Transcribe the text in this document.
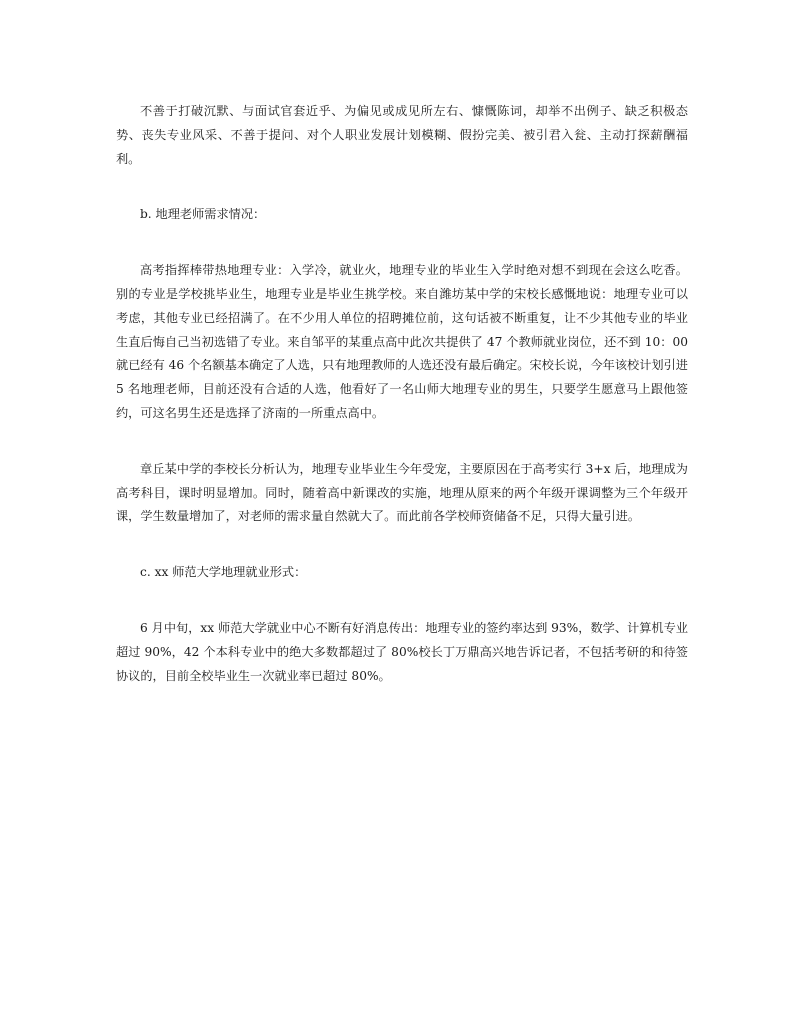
不善于打破沉默、与面试官套近乎、为偏见或成见所左右、慷慨陈词，却举不出例子、缺乏积极态势、丧失专业风采、不善于提问、对个人职业发展计划模糊、假扮完美、被引君入瓮、主动打探薪酬福利。

b. 地理老师需求情况：

高考指挥棒带热地理专业：入学冷，就业火，地理专业的毕业生入学时绝对想不到现在会这么吃香。别的专业是学校挑毕业生，地理专业是毕业生挑学校。来自潍坊某中学的宋校长感慨地说：地理专业可以考虑，其他专业已经招满了。在不少用人单位的招聘摊位前，这句话被不断重复，让不少其他专业的毕业生直后悔自己当初选错了专业。来自邹平的某重点高中此次共提供了 47 个教师就业岗位，还不到 10：00 就已经有 46 个名额基本确定了人选，只有地理教师的人选还没有最后确定。宋校长说，今年该校计划引进 5 名地理老师，目前还没有合适的人选，他看好了一名山师大地理专业的男生，只要学生愿意马上跟他签约，可这名男生还是选择了济南的一所重点高中。

章丘某中学的李校长分析认为，地理专业毕业生今年受宠，主要原因在于高考实行 3+x 后，地理成为高考科目，课时明显增加。同时，随着高中新课改的实施，地理从原来的两个年级开课调整为三个年级开课，学生数量增加了，对老师的需求量自然就大了。而此前各学校师资储备不足，只得大量引进。

c. xx 师范大学地理就业形式：

6 月中旬，xx 师范大学就业中心不断有好消息传出：地理专业的签约率达到 93%，数学、计算机专业超过 90%，42 个本科专业中的绝大多数都超过了 80%校长丁万鼎高兴地告诉记者，不包括考研的和待签协议的，目前全校毕业生一次就业率已超过 80%。
